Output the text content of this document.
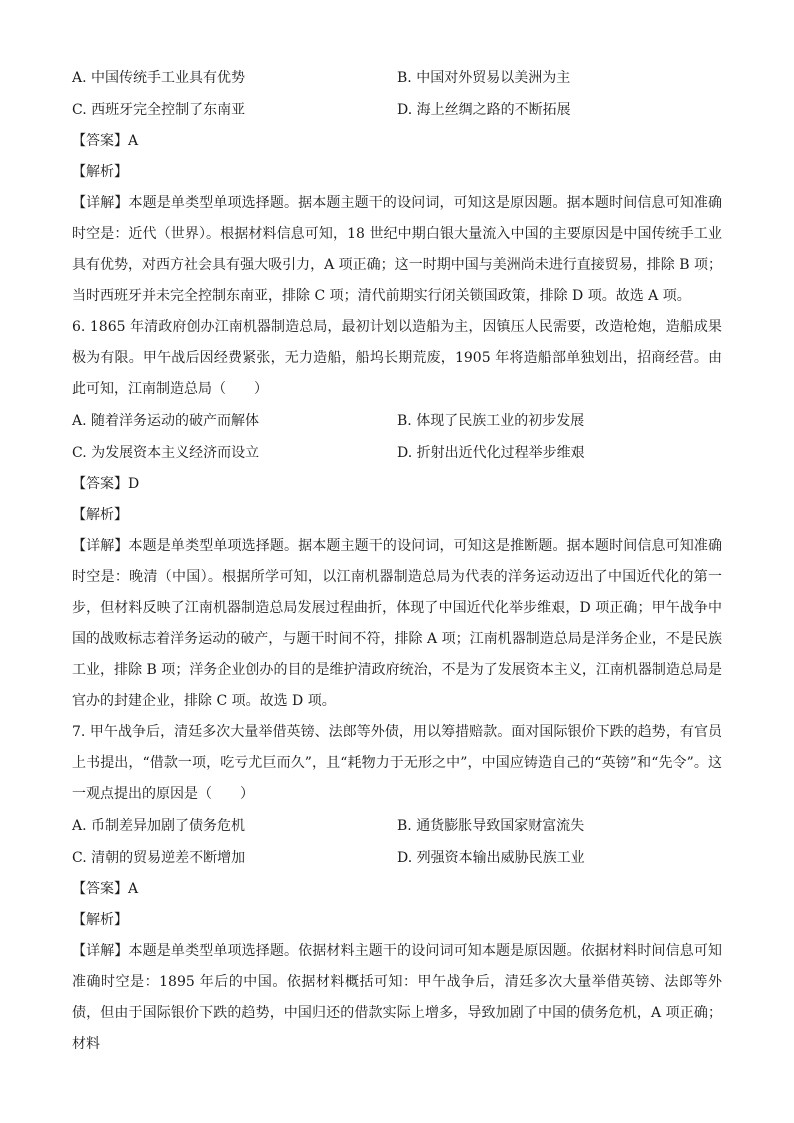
A. 中国传统手工业具有优势	B. 中国对外贸易以美洲为主
C. 西班牙完全控制了东南亚	D. 海上丝绸之路的不断拓展
【答案】A
【解析】
【详解】本题是单类型单项选择题。据本题主题干的设问词，可知这是原因题。据本题时间信息可知准确时空是：近代（世界）。根据材料信息可知，18 世纪中期白银大量流入中国的主要原因是中国传统手工业具有优势，对西方社会具有强大吸引力，A 项正确；这一时期中国与美洲尚未进行直接贸易，排除 B 项；当时西班牙并未完全控制东南亚，排除 C 项；清代前期实行闭关锁国政策，排除 D 项。故选 A 项。
6. 1865 年清政府创办江南机器制造总局，最初计划以造船为主，因镇压人民需要，改造枪炮，造船成果极为有限。甲午战后因经费紧张，无力造船，船坞长期荒废，1905 年将造船部单独划出，招商经营。由此可知，江南制造总局（　　）
A. 随着洋务运动的破产而解体	B. 体现了民族工业的初步发展
C. 为发展资本主义经济而设立	D. 折射出近代化过程举步维艰
【答案】D
【解析】
【详解】本题是单类型单项选择题。据本题主题干的设问词，可知这是推断题。据本题时间信息可知准确时空是：晚清（中国）。根据所学可知，以江南机器制造总局为代表的洋务运动迈出了中国近代化的第一步，但材料反映了江南机器制造总局发展过程曲折，体现了中国近代化举步维艰，D 项正确；甲午战争中国的战败标志着洋务运动的破产，与题干时间不符，排除 A 项；江南机器制造总局是洋务企业，不是民族工业，排除 B 项；洋务企业创办的目的是维护清政府统治，不是为了发展资本主义，江南机器制造总局是官办的封建企业，排除 C 项。故选 D 项。
7. 甲午战争后，清廷多次大量举借英镑、法郎等外债，用以筹措赔款。面对国际银价下跌的趋势，有官员上书提出，“借款一项，吃亏尤巨而久”，且“耗物力于无形之中”，中国应铸造自己的“英镑”和“先令”。这一观点提出的原因是（　　）
A. 币制差异加剧了债务危机	B. 通货膨胀导致国家财富流失
C. 清朝的贸易逆差不断增加	D. 列强资本输出威胁民族工业
【答案】A
【解析】
【详解】本题是单类型单项选择题。依据材料主题干的设问词可知本题是原因题。依据材料时间信息可知准确时空是：1895 年后的中国。依据材料概括可知：甲午战争后，清廷多次大量举借英镑、法郎等外债，但由于国际银价下跌的趋势，中国归还的借款实际上增多，导致加剧了中国的债务危机，A 项正确；材料
